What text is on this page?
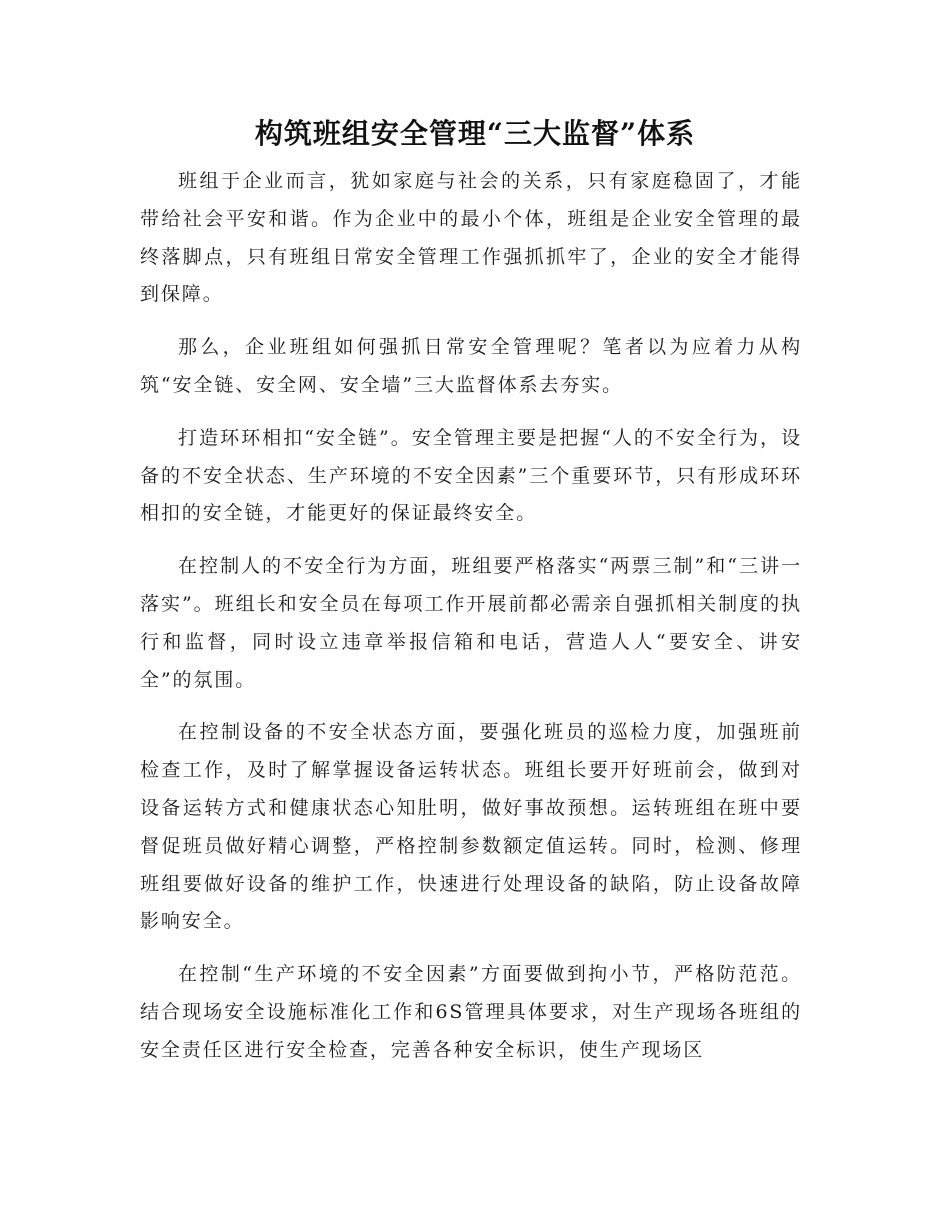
构筑班组安全管理“三大监督”体系

班组于企业而言，犹如家庭与社会的关系，只有家庭稳固了，才能带给社会平安和谐。作为企业中的最小个体，班组是企业安全管理的最终落脚点，只有班组日常安全管理工作强抓抓牢了，企业的安全才能得到保障。

那么，企业班组如何强抓日常安全管理呢？笔者以为应着力从构筑“安全链、安全网、安全墙”三大监督体系去夯实。

打造环环相扣“安全链”。安全管理主要是把握“人的不安全行为，设备的不安全状态、生产环境的不安全因素”三个重要环节，只有形成环环相扣的安全链，才能更好的保证最终安全。

在控制人的不安全行为方面，班组要严格落实“两票三制”和“三讲一落实”。班组长和安全员在每项工作开展前都必需亲自强抓相关制度的执行和监督，同时设立违章举报信箱和电话，营造人人“要安全、讲安全”的氛围。

在控制设备的不安全状态方面，要强化班员的巡检力度，加强班前检查工作，及时了解掌握设备运转状态。班组长要开好班前会，做到对设备运转方式和健康状态心知肚明，做好事故预想。运转班组在班中要督促班员做好精心调整，严格控制参数额定值运转。同时，检测、修理班组要做好设备的维护工作，快速进行处理设备的缺陷，防止设备故障影响安全。

在控制“生产环境的不安全因素”方面要做到拘小节，严格防范范。结合现场安全设施标准化工作和6S管理具体要求，对生产现场各班组的安全责任区进行安全检查，完善各种安全标识，使生产现场区
